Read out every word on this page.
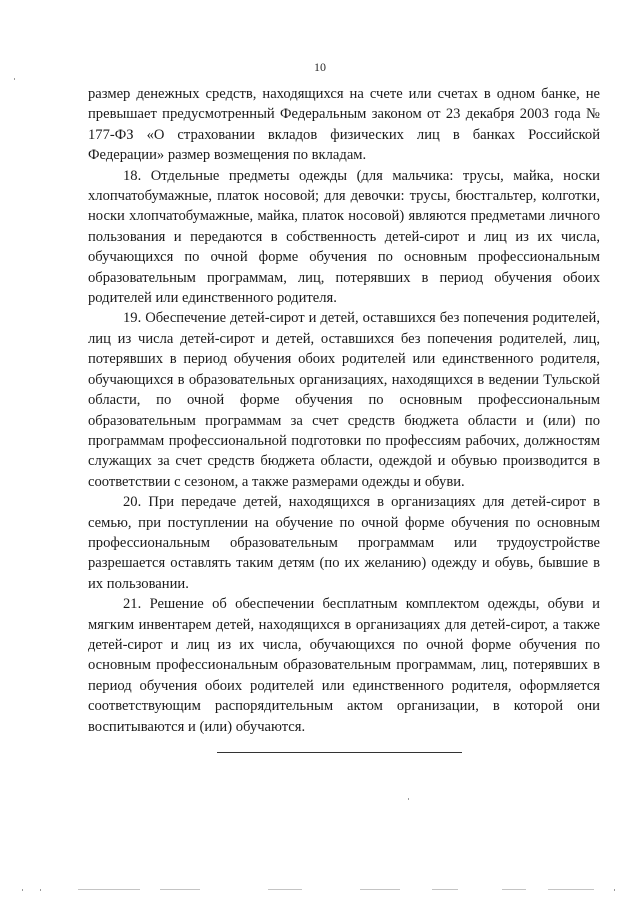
10

размер денежных средств, находящихся на счете или счетах в одном банке, не превышает предусмотренный Федеральным законом от 23 декабря 2003 года № 177-ФЗ «О страховании вкладов физических лиц в банках Российской Федерации» размер возмещения по вкладам.

18. Отдельные предметы одежды (для мальчика: трусы, майка, носки хлопчатобумажные, платок носовой; для девочки: трусы, бюстгальтер, колготки, носки хлопчатобумажные, майка, платок носовой) являются предметами личного пользования и передаются в собственность детей-сирот и лиц из их числа, обучающихся по очной форме обучения по основным профессиональным образовательным программам, лиц, потерявших в период обучения обоих родителей или единственного родителя.

19. Обеспечение детей-сирот и детей, оставшихся без попечения родителей, лиц из числа детей-сирот и детей, оставшихся без попечения родителей, лиц, потерявших в период обучения обоих родителей или единственного родителя, обучающихся в образовательных организациях, находящихся в ведении Тульской области, по очной форме обучения по основным профессиональным образовательным программам за счет средств бюджета области и (или) по программам профессиональной подготовки по профессиям рабочих, должностям служащих за счет средств бюджета области, одеждой и обувью производится в соответствии с сезоном, а также размерами одежды и обуви.

20. При передаче детей, находящихся в организациях для детей-сирот в семью, при поступлении на обучение по очной форме обучения по основным профессиональным образовательным программам или трудоустройстве разрешается оставлять таким детям (по их желанию) одежду и обувь, бывшие в их пользовании.

21. Решение об обеспечении бесплатным комплектом одежды, обуви и мягким инвентарем детей, находящихся в организациях для детей-сирот, а также детей-сирот и лиц из их числа, обучающихся по очной форме обучения по основным профессиональным образовательным программам, лиц, потерявших в период обучения обоих родителей или единственного родителя, оформляется соответствующим распорядительным актом организации, в которой они воспитываются и (или) обучаются.
